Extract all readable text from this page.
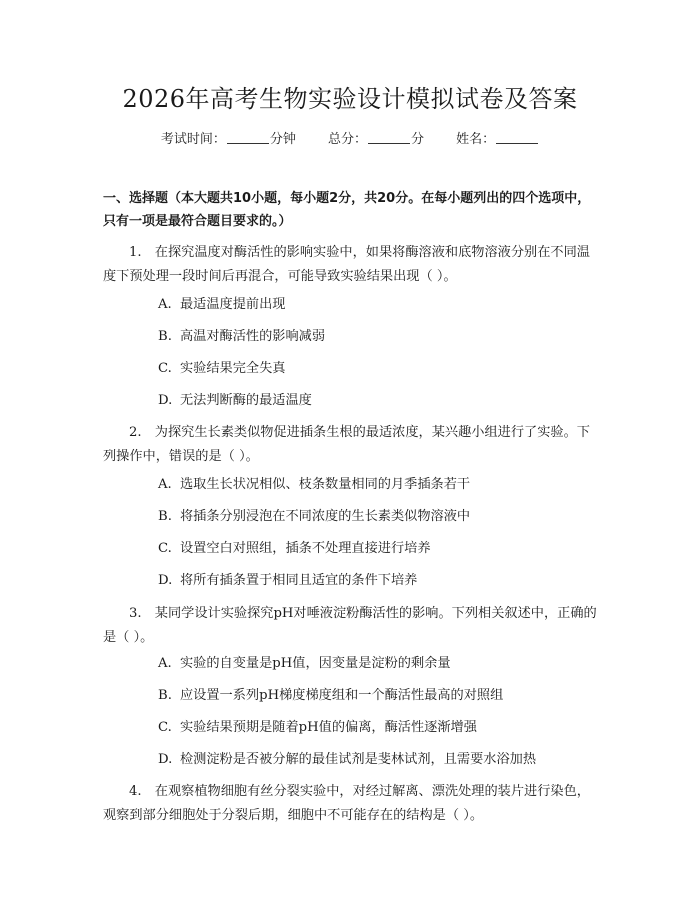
2026年高考生物实验设计模拟试卷及答案
考试时间：	分钟 总分：	分 姓名：
一、选择题（本大题共10小题，每小题2分，共20分。在每小题列出的四个选项中，只有一项是最符合题目要求的。）
1.　在探究温度对酶活性的影响实验中，如果将酶溶液和底物溶液分别在不同温度下预处理一段时间后再混合，可能导致实验结果出现（ ）。
A. 最适温度提前出现
B. 高温对酶活性的影响减弱
C. 实验结果完全失真
D. 无法判断酶的最适温度
2.　为探究生长素类似物促进插条生根的最适浓度，某兴趣小组进行了实验。下列操作中，错误的是（ ）。
A. 选取生长状况相似、枝条数量相同的月季插条若干
B. 将插条分别浸泡在不同浓度的生长素类似物溶液中
C. 设置空白对照组，插条不处理直接进行培养
D. 将所有插条置于相同且适宜的条件下培养
3.　某同学设计实验探究pH对唾液淀粉酶活性的影响。下列相关叙述中，正确的是（ ）。
A. 实验的自变量是pH值，因变量是淀粉的剩余量
B. 应设置一系列pH梯度梯度组和一个酶活性最高的对照组
C. 实验结果预期是随着pH值的偏离，酶活性逐渐增强
D. 检测淀粉是否被分解的最佳试剂是斐林试剂，且需要水浴加热
4.　在观察植物细胞有丝分裂实验中，对经过解离、漂洗处理的装片进行染色，观察到部分细胞处于分裂后期，细胞中不可能存在的结构是（ ）。
